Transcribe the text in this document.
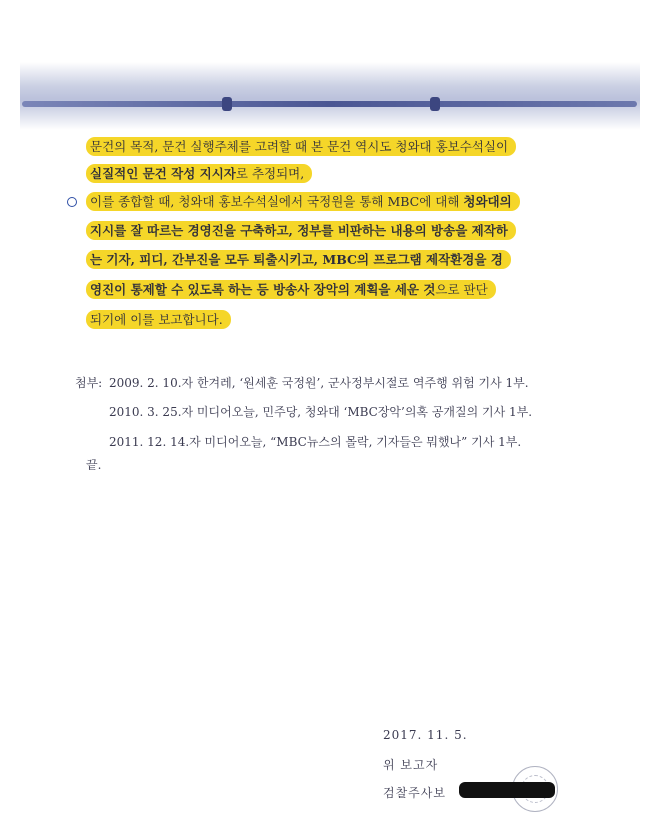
문건의 목적, 문건 실행주체를 고려할 때 본 문건 역시도 청와대 홍보수석실이
실질적인 문건 작성 지시자로 추정되며,
이를 종합할 때, 청와대 홍보수석실에서 국정원을 통해 MBC에 대해 청와대의
지시를 잘 따르는 경영진을 구축하고, 정부를 비판하는 내용의 방송을 제작하
는 기자, 피디, 간부진을 모두 퇴출시키고, MBC의 프로그램 제작환경을 경
영진이 통제할 수 있도록 하는 등 방송사 장악의 계획을 세운 것으로 판단
되기에 이를 보고합니다.
첨부: 2009. 2. 10.자 한겨레, ‘원세훈 국정원’, 군사정부시절로 역주행 위험 기사 1부.
2010. 3. 25.자 미디어오늘, 민주당, 청와대 ‘MBC장악’의혹 공개질의 기사 1부.
2011. 12. 14.자 미디어오늘, “MBC뉴스의 몰락, 기자들은 뭐했나” 기사 1부.
끝.
2017. 11. 5.
위 보고자
검찰주사보
